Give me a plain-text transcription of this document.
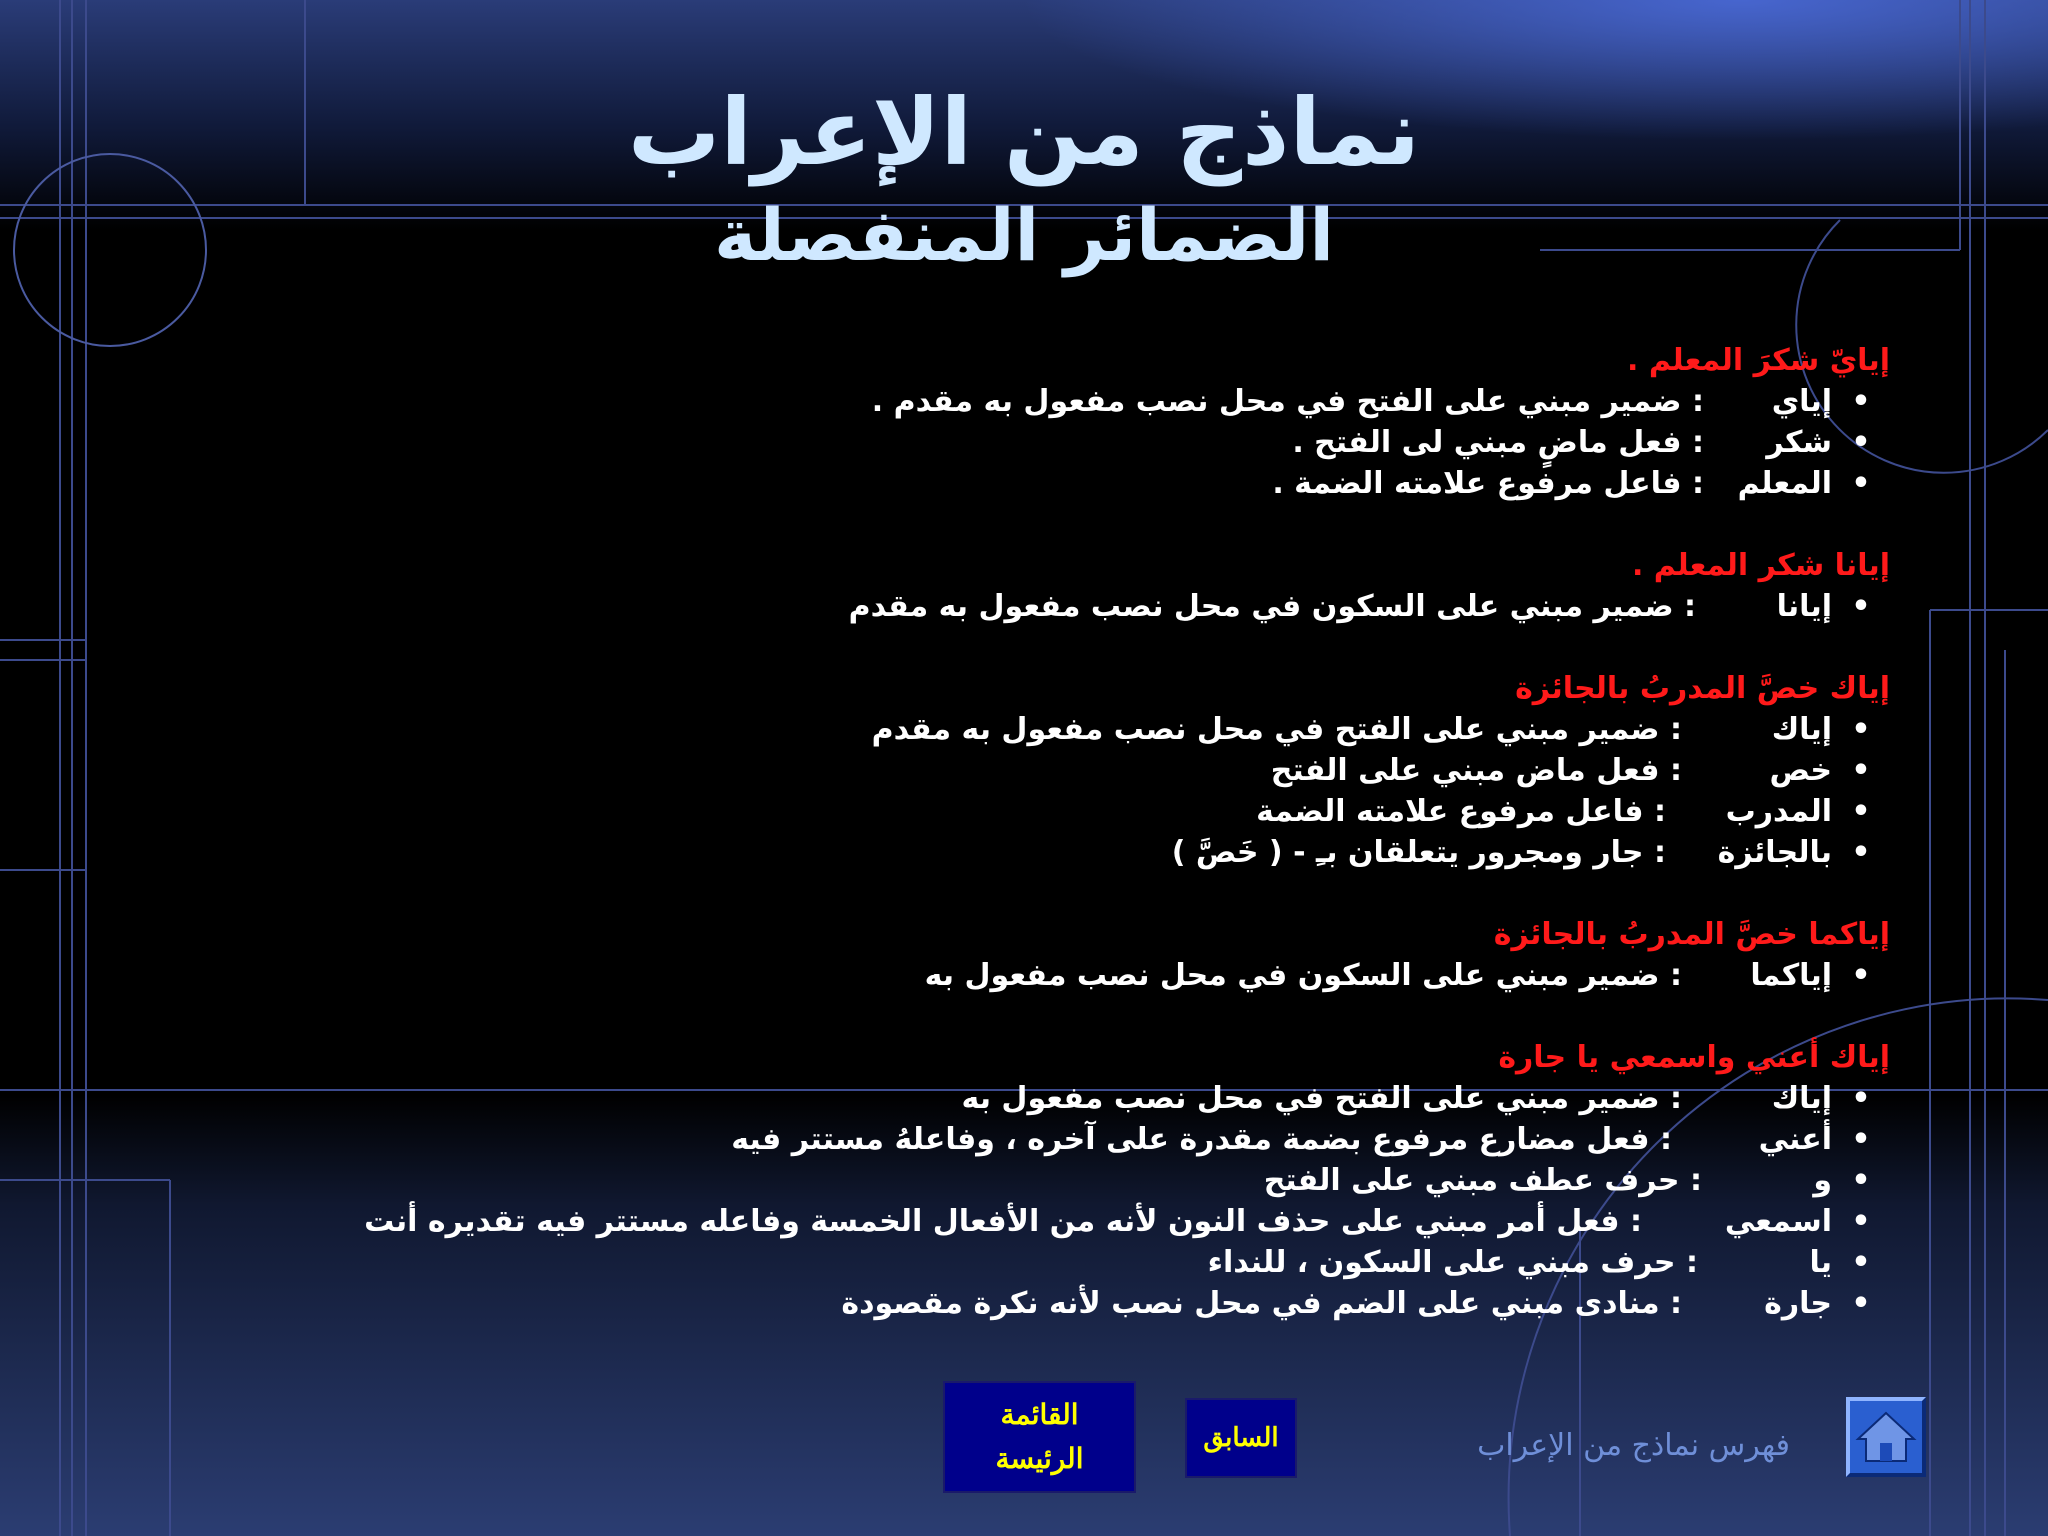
نماذج من الإعراب
الضمائر المنفصلة
إيايّ شكرَ المعلم .
•إياي: ضمير مبني على الفتح في محل نصب مفعول به مقدم .
•شكر: فعل ماضٍ مبني لى الفتح .
•المعلم: فاعل مرفوع علامته الضمة .
إيانا شكر المعلم .
•إيانا: ضمير مبني على السكون في محل نصب مفعول به مقدم
إياك خصَّ المدربُ بالجائزة
•إياك: ضمير مبني على الفتح في محل نصب مفعول به مقدم
•خص: فعل ماض مبني على الفتح
•المدرب: فاعل مرفوع علامته الضمة
•بالجائزة: جار ومجرور يتعلقان بـِ - ( خَصَّ )
إياكما خصَّ المدربُ بالجائزة
•إياكما: ضمير مبني على السكون في محل نصب مفعول به
إياك أعني واسمعي يا جارة
•إياك: ضمير مبني على الفتح في محل نصب مفعول به
•أعني: فعل مضارع مرفوع بضمة مقدرة على آخره ، وفاعلهُ مستتر فيه
•و: حرف عطف مبني على الفتح
•اسمعي: فعل أمر مبني على حذف النون لأنه من الأفعال الخمسة وفاعله مستتر فيه تقديره أنت
•يا: حرف مبني على السكون ، للنداء
•جارة: منادى مبني على الضم في محل نصب لأنه نكرة مقصودة
القائمة
الرئيسة
السابق	فهرس نماذج من الإعراب
